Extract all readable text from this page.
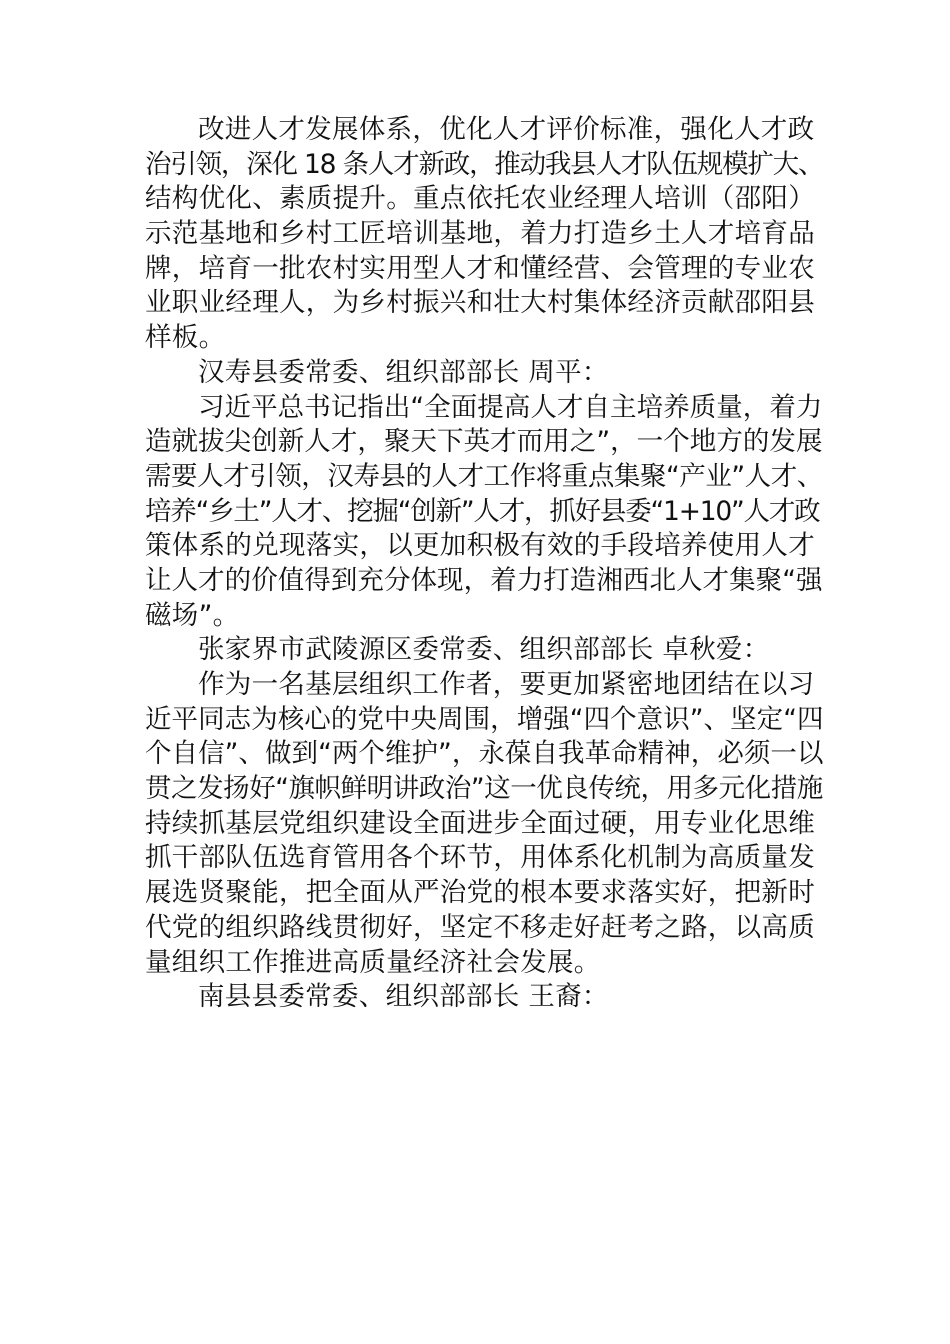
改进人才发展体系，优化人才评价标准，强化人才政
治引领，深化 18 条人才新政，推动我县人才队伍规模扩大、
结构优化、素质提升。重点依托农业经理人培训（邵阳）
示范基地和乡村工匠培训基地，着力打造乡土人才培育品
牌，培育一批农村实用型人才和懂经营、会管理的专业农
业职业经理人，为乡村振兴和壮大村集体经济贡献邵阳县
样板。
汉寿县委常委、组织部部长 周平：
习近平总书记指出“全面提高人才自主培养质量，着力
造就拔尖创新人才，聚天下英才而用之”，一个地方的发展
需要人才引领，汉寿县的人才工作将重点集聚“产业”人才、
培养“乡土”人才、挖掘“创新”人才，抓好县委“1+10”人才政
策体系的兑现落实，以更加积极有效的手段培养使用人才
让人才的价值得到充分体现，着力打造湘西北人才集聚“强
磁场”。
张家界市武陵源区委常委、组织部部长 卓秋爱：
作为一名基层组织工作者，要更加紧密地团结在以习
近平同志为核心的党中央周围，增强“四个意识”、坚定“四
个自信”、做到“两个维护”，永葆自我革命精神，必须一以
贯之发扬好“旗帜鲜明讲政治”这一优良传统，用多元化措施
持续抓基层党组织建设全面进步全面过硬，用专业化思维
抓干部队伍选育管用各个环节，用体系化机制为高质量发
展选贤聚能，把全面从严治党的根本要求落实好，把新时
代党的组织路线贯彻好，坚定不移走好赶考之路，以高质
量组织工作推进高质量经济社会发展。
南县县委常委、组织部部长 王裔：
